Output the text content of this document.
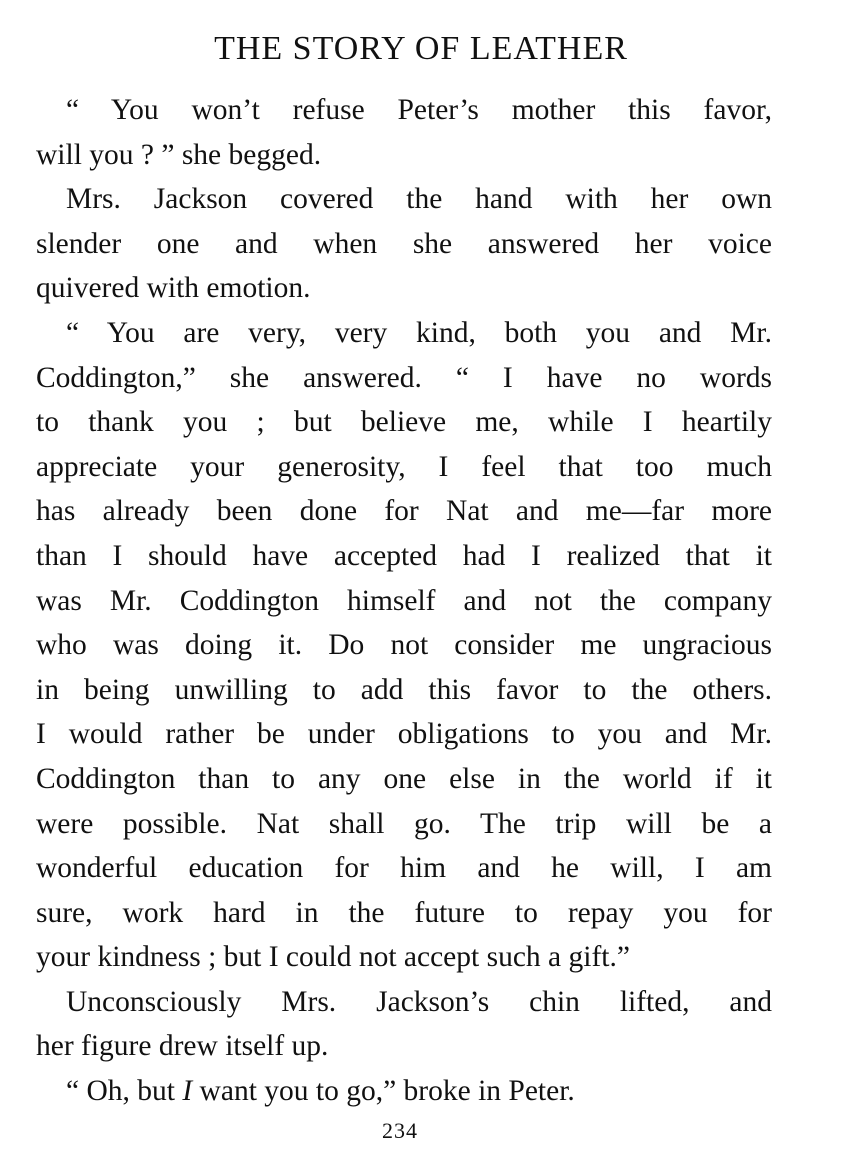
THE STORY OF LEATHER

“ You won’t refuse Peter’s mother this favor,
will you ? ” she begged.

Mrs. Jackson covered the hand with her own
slender one and when she answered her voice
quivered with emotion.

“ You are very, very kind, both you and Mr.
Coddington,” she answered. “ I have no words
to thank you ; but believe me, while I heartily
appreciate your generosity, I feel that too much
has already been done for Nat and me—far more
than I should have accepted had I realized that it
was Mr. Coddington himself and not the company
who was doing it. Do not consider me ungracious
in being unwilling to add this favor to the others.
I would rather be under obligations to you and Mr.
Coddington than to any one else in the world if it
were possible. Nat shall go. The trip will be a
wonderful education for him and he will, I am
sure, work hard in the future to repay you for
your kindness ; but I could not accept such a gift.”

Unconsciously Mrs. Jackson’s chin lifted, and
her figure drew itself up.

“ Oh, but I want you to go,” broke in Peter.

234
